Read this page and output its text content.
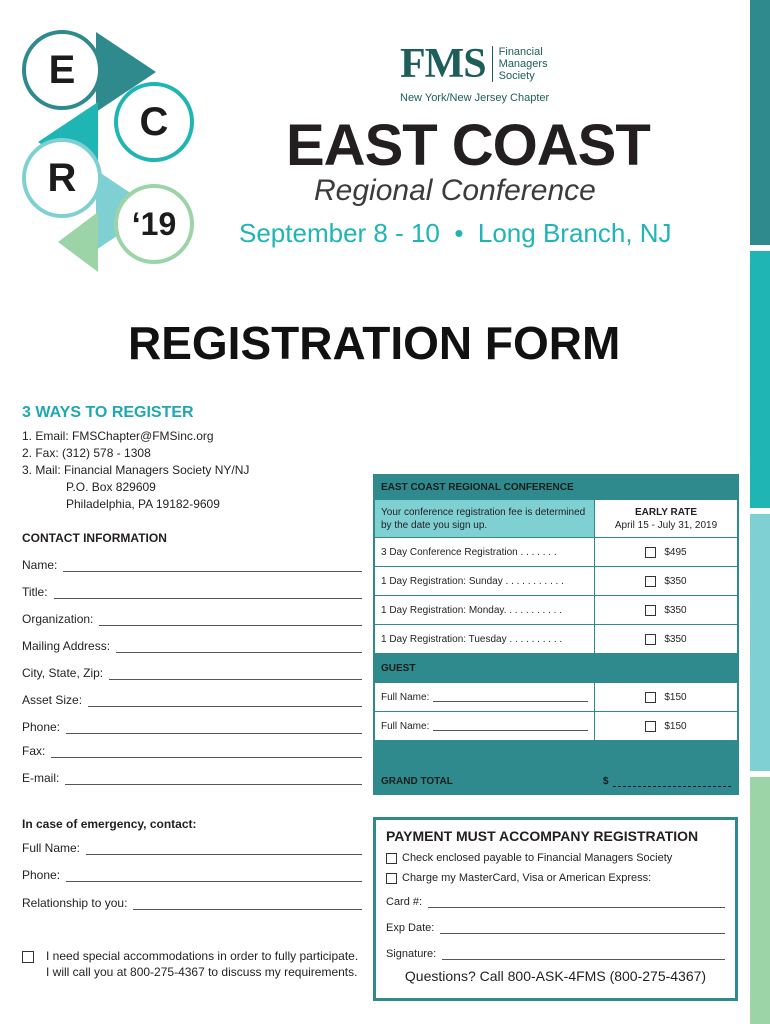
E
C
R
‘19
FMS Financial
Managers
Society
New York/New Jersey Chapter
EAST COAST
Regional Conference
September 8 - 10  •  Long Branch, NJ
REGISTRATION FORM
3 WAYS TO REGISTER
1. Email: FMSChapter@FMSinc.org
2. Fax: (312) 578 - 1308
3. Mail: Financial Managers Society NY/NJ
P.O. Box 829609
Philadelphia, PA 19182-9609
CONTACT INFORMATION
Name:
Title:
Organization:
Mailing Address:
City, State, Zip:
Asset Size:
Phone:
Fax:
E-mail:
In case of emergency, contact:
Full Name:
Phone:
Relationship to you:
I need special accommodations in order to fully participate. I will call you at 800-275-4367 to discuss my requirements.
EAST COAST REGIONAL CONFERENCE
Your conference registration fee is determined by the date you sign up.
EARLY RATE
April 15 - July 31, 2019
3 Day Conference Registration . . . . . . .	$495
1 Day Registration: Sunday . . . . . . . . . . .	$350
1 Day Registration: Monday. . . . . . . . . . .	$350
1 Day Registration: Tuesday . . . . . . . . . .	$350
GUEST
Full Name:	$150
Full Name:	$150
GRAND TOTAL	$
PAYMENT MUST ACCOMPANY REGISTRATION
Check enclosed payable to Financial Managers Society
Charge my MasterCard, Visa or American Express:
Card #:
Exp Date:
Signature:
Questions? Call 800-ASK-4FMS (800-275-4367)
